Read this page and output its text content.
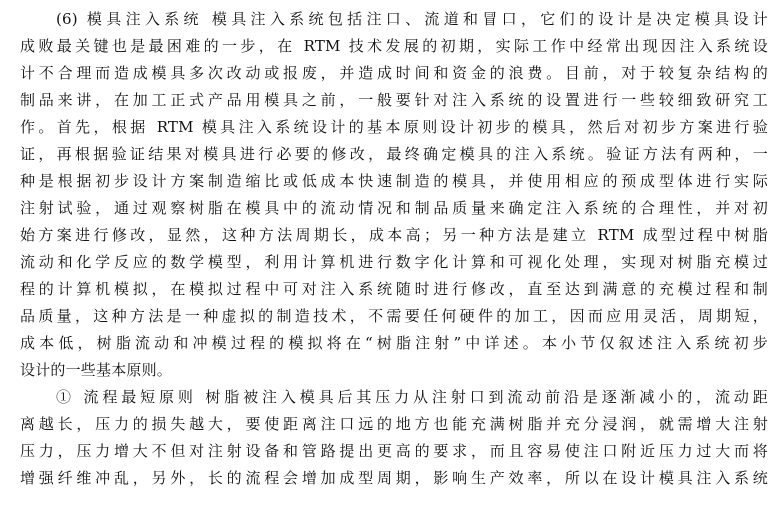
(6) 模具注入系统 模具注入系统包括注口、流道和冒口，它们的设计是决定模具设计
成败最关键也是最困难的一步，在 RTM 技术发展的初期，实际工作中经常出现因注入系统设
计不合理而造成模具多次改动或报废，并造成时间和资金的浪费。目前，对于较复杂结构的
制品来讲，在加工正式产品用模具之前，一般要针对注入系统的设置进行一些较细致研究工
作。首先，根据 RTM 模具注入系统设计的基本原则设计初步的模具，然后对初步方案进行验
证，再根据验证结果对模具进行必要的修改，最终确定模具的注入系统。验证方法有两种，一
种是根据初步设计方案制造缩比或低成本快速制造的模具，并使用相应的预成型体进行实际
注射试验，通过观察树脂在模具中的流动情况和制品质量来确定注入系统的合理性，并对初
始方案进行修改，显然，这种方法周期长，成本高；另一种方法是建立 RTM 成型过程中树脂
流动和化学反应的数学模型，利用计算机进行数字化计算和可视化处理，实现对树脂充模过
程的计算机模拟，在模拟过程中可对注入系统随时进行修改，直至达到满意的充模过程和制
品质量，这种方法是一种虚拟的制造技术，不需要任何硬件的加工，因而应用灵活，周期短，
成本低，树脂流动和冲模过程的模拟将在“树脂注射”中详述。本小节仅叙述注入系统初步
设计的一些基本原则。
① 流程最短原则 树脂被注入模具后其压力从注射口到流动前沿是逐渐减小的，流动距
离越长，压力的损失越大，要使距离注口远的地方也能充满树脂并充分浸润，就需增大注射
压力，压力增大不但对注射设备和管路提出更高的要求，而且容易使注口附近压力过大而将
增强纤维冲乱，另外，长的流程会增加成型周期，影响生产效率，所以在设计模具注入系统
